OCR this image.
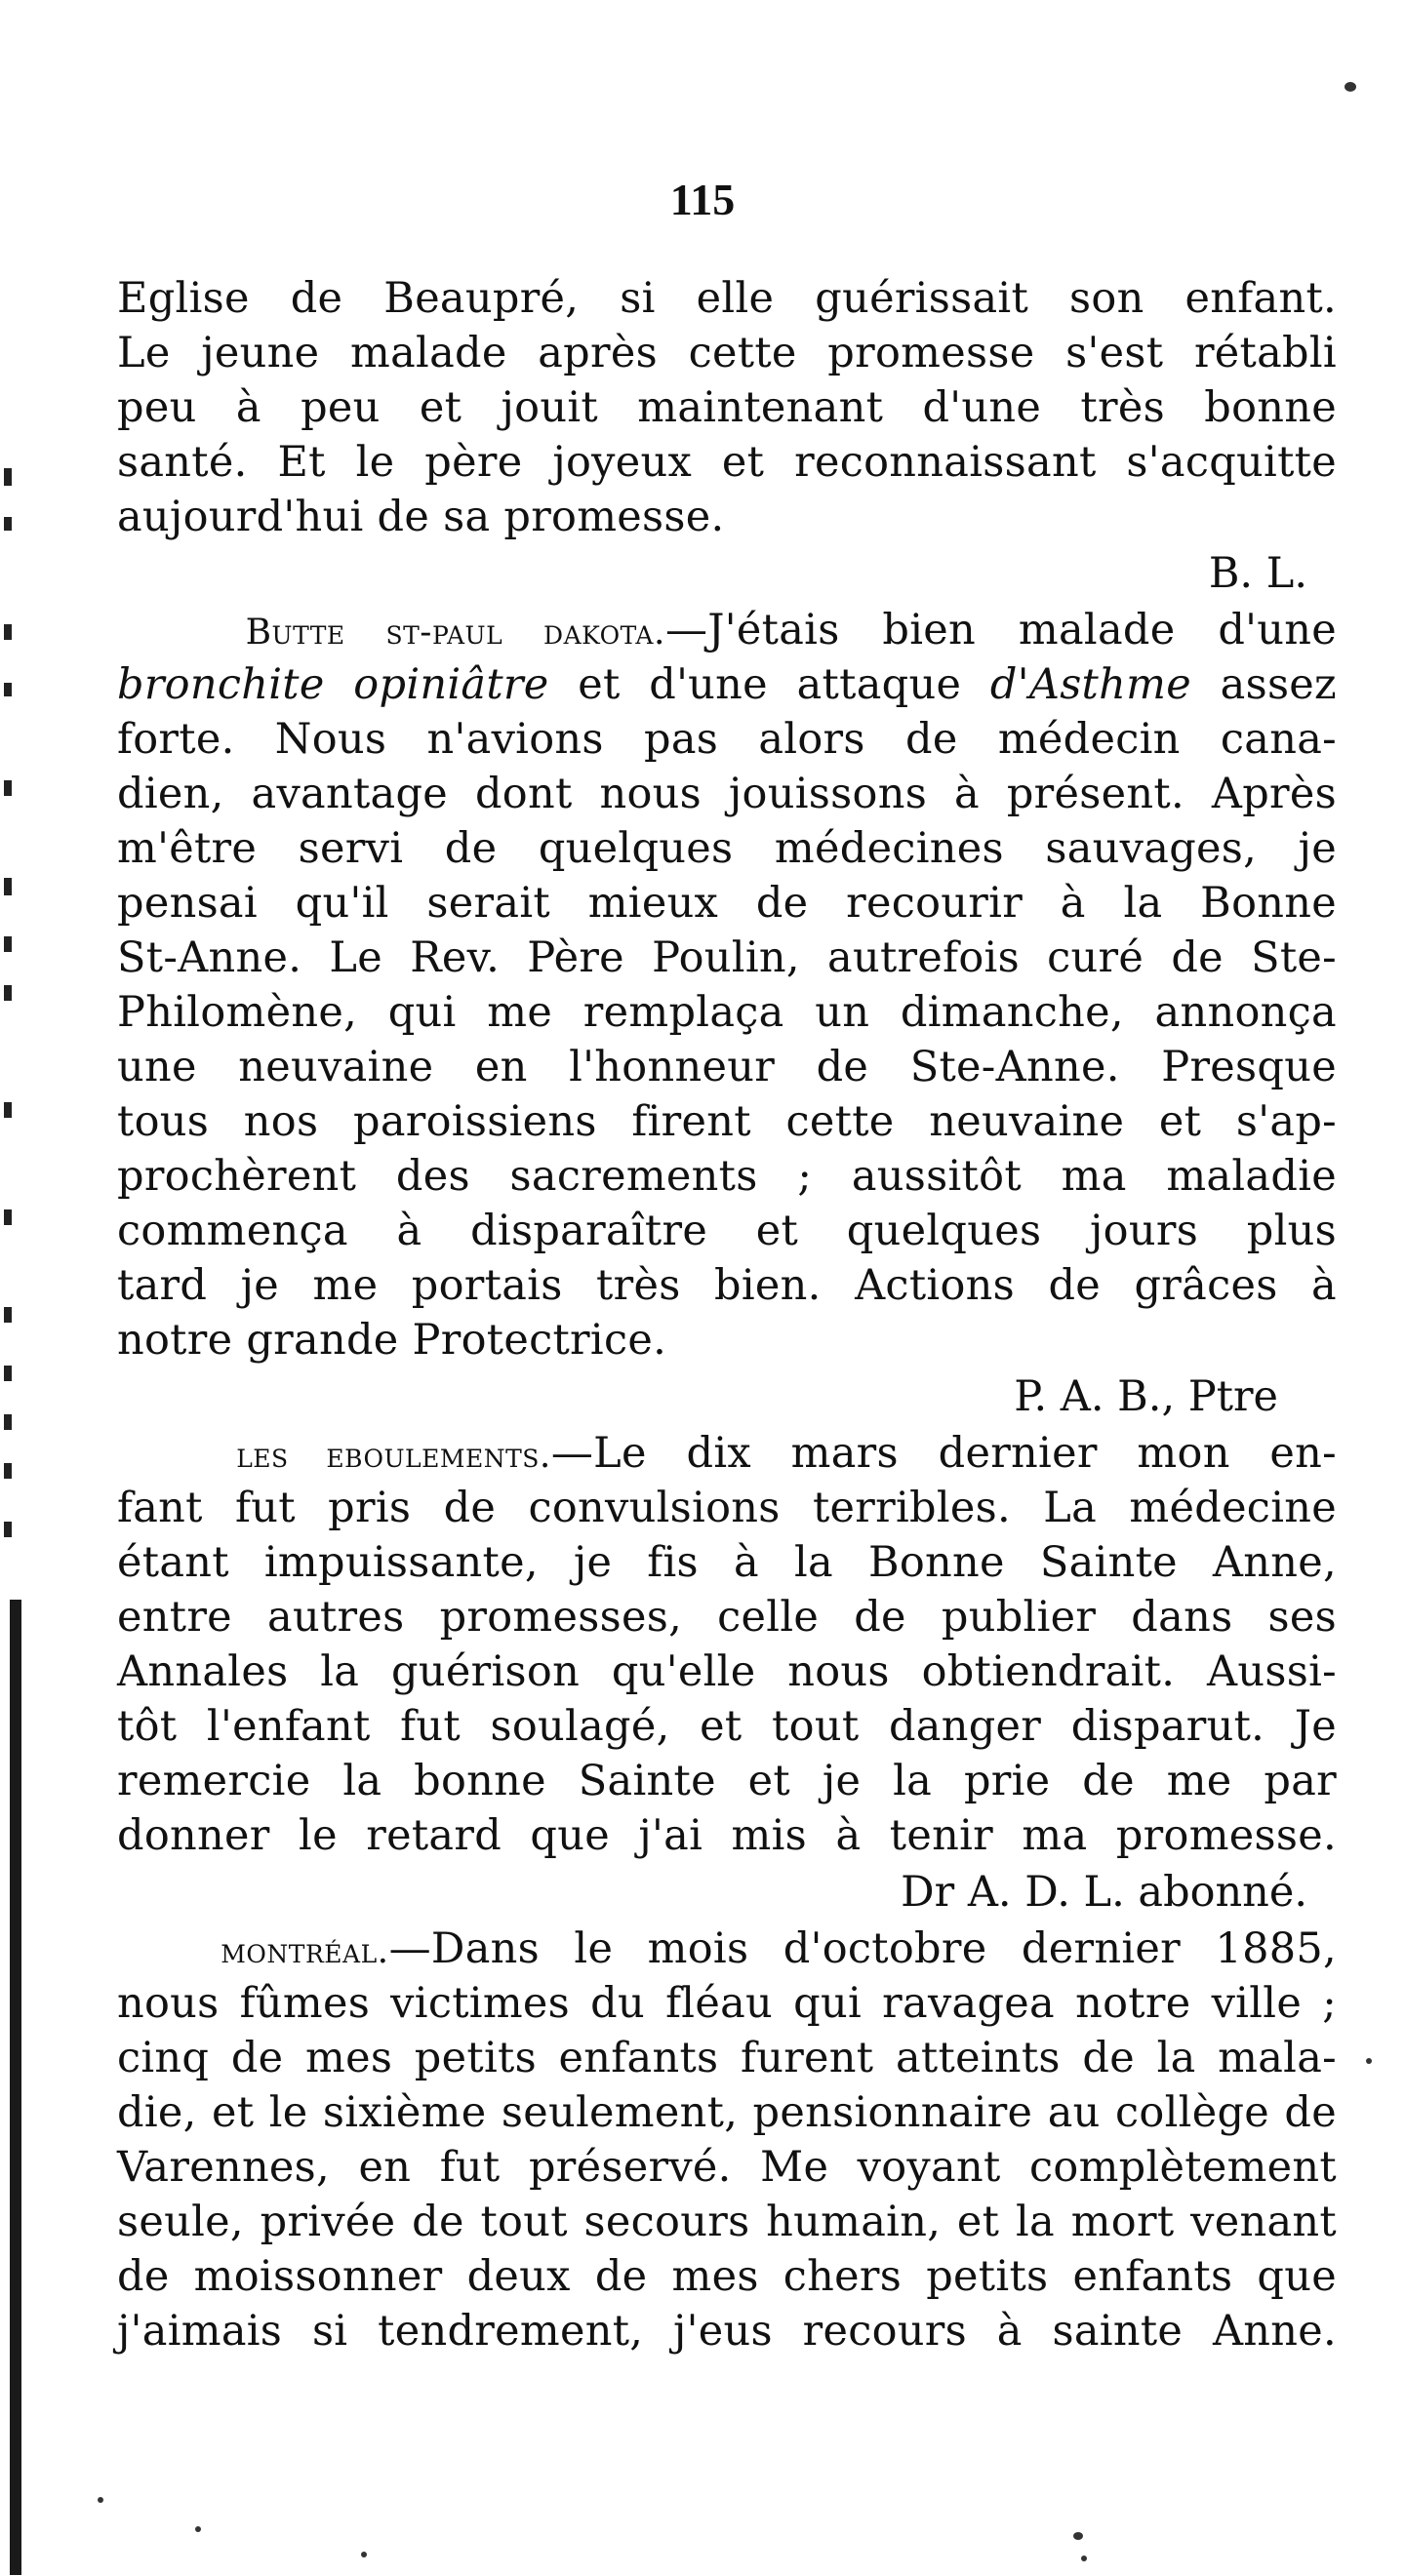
115
Eglise de Beaupré, si elle guérissait son enfant.
Le jeune malade après cette promesse s'est rétabli
peu à peu et jouit maintenant d'une très bonne
santé. Et le père joyeux et reconnaissant s'acquitte
aujourd'hui de sa promesse.
B. L.
Butte st-paul dakota.—J'étais bien malade d'une
bronchite opiniâtre et d'une attaque d'Asthme assez
forte. Nous n'avions pas alors de médecin cana-
dien, avantage dont nous jouissons à présent. Après
m'être servi de quelques médecines sauvages, je
pensai qu'il serait mieux de recourir à la Bonne
St-Anne. Le Rev. Père Poulin, autrefois curé de Ste-
Philomène, qui me remplaça un dimanche, annonça
une neuvaine en l'honneur de Ste-Anne. Presque
tous nos paroissiens firent cette neuvaine et s'ap-
prochèrent des sacrements ; aussitôt ma maladie
commença à disparaître et quelques jours plus
tard je me portais très bien. Actions de grâces à
notre grande Protectrice.
P. A. B., Ptre
les eboulements.—Le dix mars dernier mon en-
fant fut pris de convulsions terribles. La médecine
étant impuissante, je fis à la Bonne Sainte Anne,
entre autres promesses, celle de publier dans ses
Annales la guérison qu'elle nous obtiendrait. Aussi-
tôt l'enfant fut soulagé, et tout danger disparut. Je
remercie la bonne Sainte et je la prie de me par
donner le retard que j'ai mis à tenir ma promesse.
Dr A. D. L. abonné.
montréal.—Dans le mois d'octobre dernier 1885,
nous fûmes victimes du fléau qui ravagea notre ville ;
cinq de mes petits enfants furent atteints de la mala-
die, et le sixième seulement, pensionnaire au collège de
Varennes, en fut préservé. Me voyant complètement
seule, privée de tout secours humain, et la mort venant
de moissonner deux de mes chers petits enfants que
j'aimais si tendrement, j'eus recours à sainte Anne.
